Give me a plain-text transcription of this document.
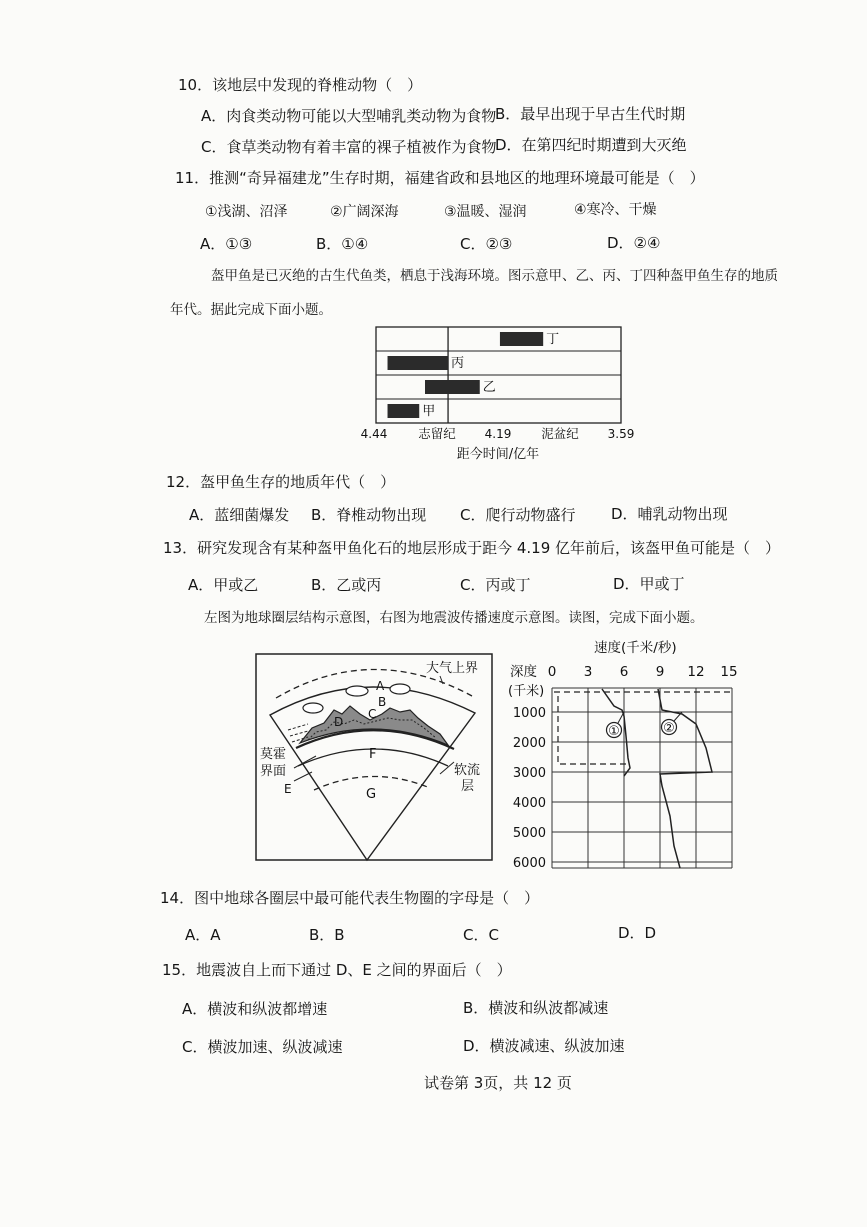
10．该地层中发现的脊椎动物（　）
A．肉食类动物可能以大型哺乳类动物为食物
B．最早出现于早古生代时期
C．食草类动物有着丰富的裸子植被作为食物
D．在第四纪时期遭到大灭绝
11．推测“奇异福建龙”生存时期，福建省政和县地区的地理环境最可能是（　）
①浅湖、沼泽	②广阔深海	③温暖、湿润	④寒冷、干燥
A．①③	B．①④	C．②③	D．②④
盔甲鱼是已灭绝的古生代鱼类，栖息于浅海环境。图示意甲、乙、丙、丁四种盔甲鱼生存的地质
年代。据此完成下面小题。
丁
丙
乙
甲
4.44	4.19	3.59
志留纪	泥盆纪
距今时间/亿年
12．盔甲鱼生存的地质年代（　）
A．蓝细菌爆发 B．脊椎动物出现 C．爬行动物盛行 D．哺乳动物出现
13．研究发现含有某种盔甲鱼化石的地层形成于距今 4.19 亿年前后，该盔甲鱼可能是（　）
A．甲或乙	B．乙或丙	C．丙或丁	D．甲或丁
左图为地球圈层结构示意图，右图为地震波传播速度示意图。读图，完成下面小题。
大气上界
A
B
C
D
E
F
G
莫霍
界面	软流
层
速度(千米/秒)
深度
(千米)
0 3 6 9 12 15
1000
2000
3000
4000
5000
6000
①	②
14．图中地球各圈层中最可能代表生物圈的字母是（　）
A．A	B．B	C．C	D．D
15．地震波自上而下通过 D、E 之间的界面后（　）
A．横波和纵波都增速	B．横波和纵波都减速
C．横波加速、纵波减速	D．横波减速、纵波加速
试卷第 3页，共 12 页
